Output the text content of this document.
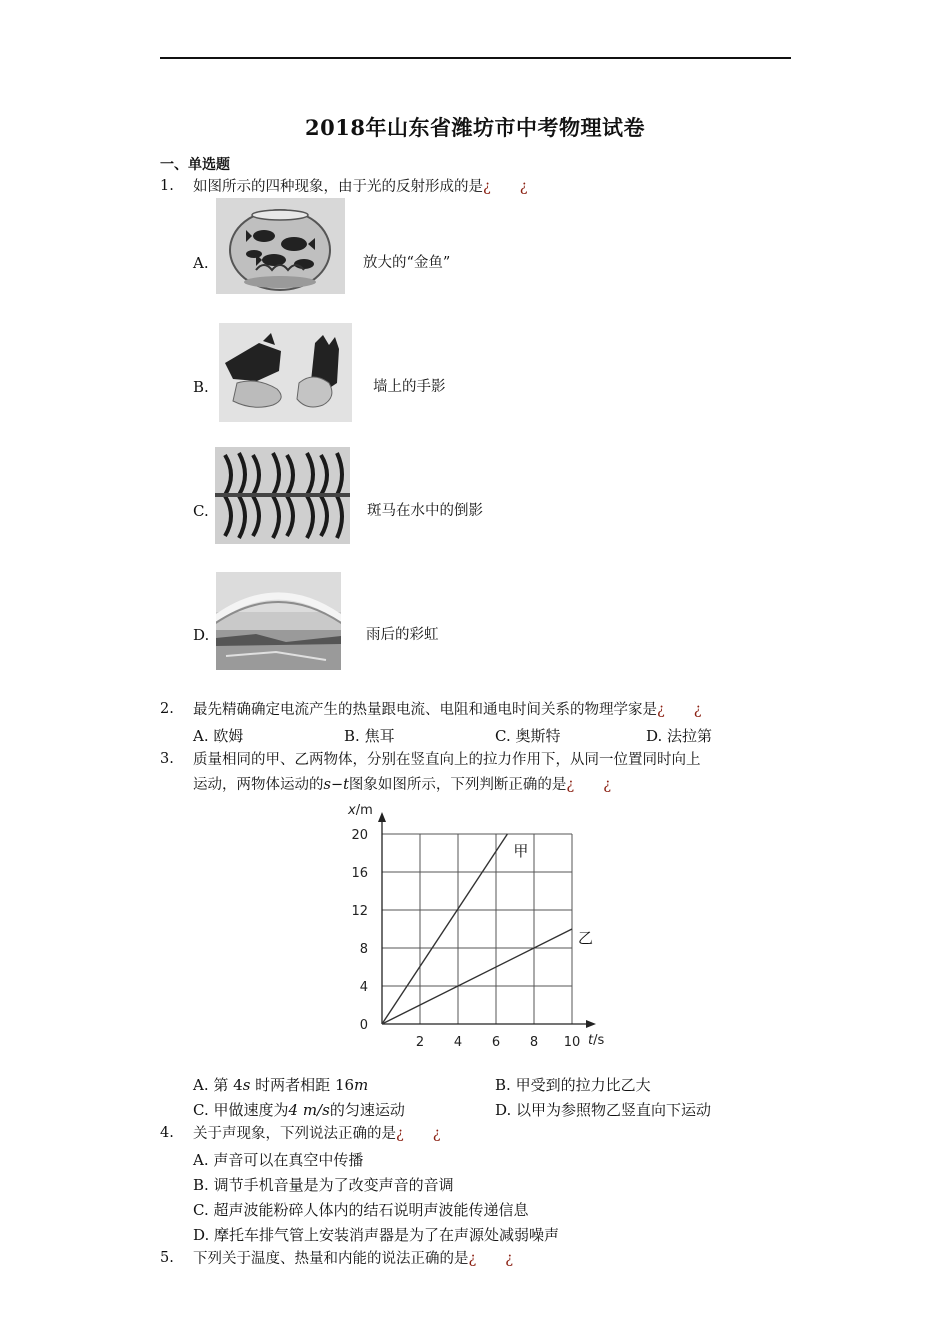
2018年山东省潍坊市中考物理试卷
一、单选题
1. 如图所示的四种现象，由于光的反射形成的是¿　　¿
A.	放大的“金鱼”
B.	墙上的手影
C.	斑马在水中的倒影
D.	雨后的彩虹
2. 最先精确确定电流产生的热量跟电流、电阻和通电时间关系的物理学家是¿　　¿
A. 欧姆	B. 焦耳	C. 奥斯特	D. 法拉第
3. 质量相同的甲、乙两物体，分别在竖直向上的拉力作用下，从同一位置同时向上
运动，两物体运动的s−t图象如图所示，下列判断正确的是¿　　¿
2 4 6 8 10
0
4
8
12
16
20
x/m
t/s
甲
乙
A. 第 4s 时两者相距 16m	B. 甲受到的拉力比乙大
C. 甲做速度为4 m/s的匀速运动	D. 以甲为参照物乙竖直向下运动
4. 关于声现象，下列说法正确的是¿　　¿
A. 声音可以在真空中传播
B. 调节手机音量是为了改变声音的音调
C. 超声波能粉碎人体内的结石说明声波能传递信息
D. 摩托车排气管上安装消声器是为了在声源处减弱噪声
5. 下列关于温度、热量和内能的说法正确的是¿　　¿
